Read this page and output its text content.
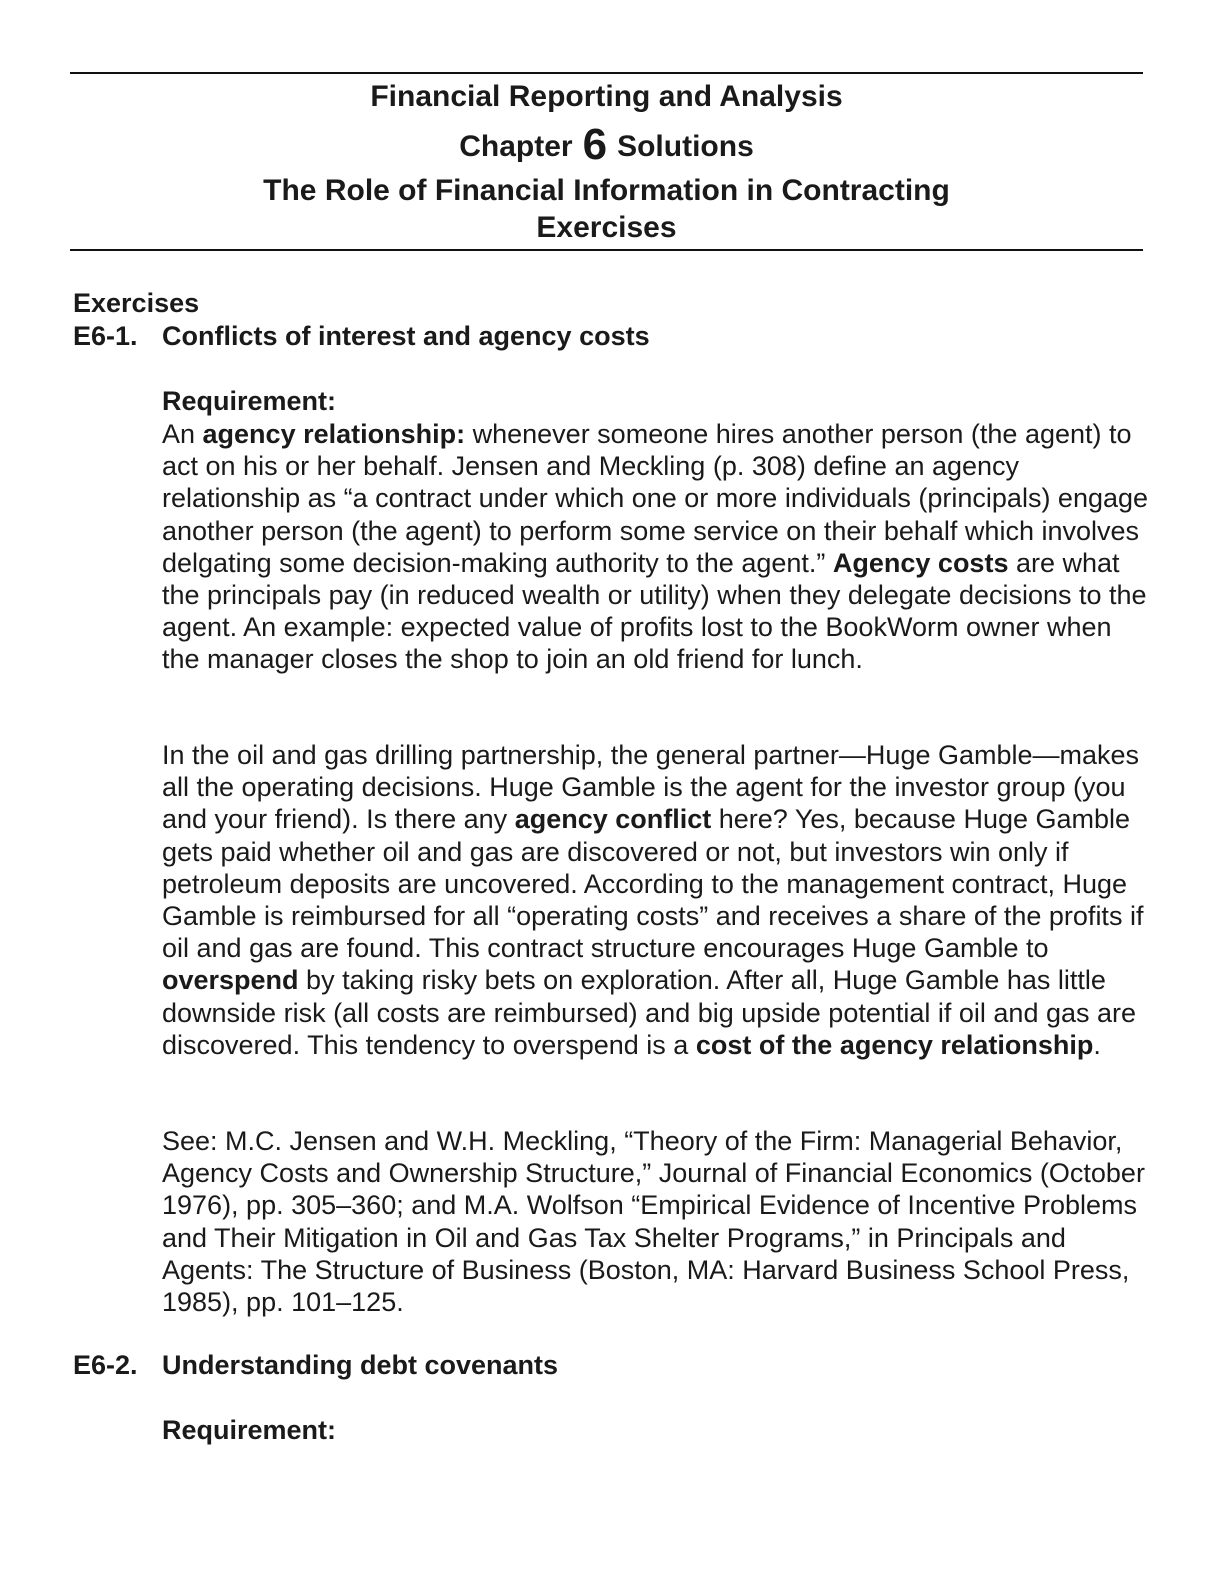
Financial Reporting and Analysis
Chapter 6 Solutions
The Role of Financial Information in Contracting
Exercises
Exercises
E6-1. Conflicts of interest and agency costs
Requirement:

An agency relationship: whenever someone hires another person (the agent) to act on his or her behalf. Jensen and Meckling (p. 308) define an agency relationship as “a contract under which one or more individuals (principals) engage another person (the agent) to perform some service on their behalf which involves delgating some decision-making authority to the agent.” Agency costs are what the principals pay (in reduced wealth or utility) when they delegate decisions to the agent. An example: expected value of profits lost to the BookWorm owner when the manager closes the shop to join an old friend for lunch.

In the oil and gas drilling partnership, the general partner—Huge Gamble—makes all the operating decisions. Huge Gamble is the agent for the investor group (you and your friend). Is there any agency conflict here? Yes, because Huge Gamble gets paid whether oil and gas are discovered or not, but investors win only if petroleum deposits are uncovered. According to the management contract, Huge Gamble is reimbursed for all “operating costs” and receives a share of the profits if oil and gas are found. This contract structure encourages Huge Gamble to overspend by taking risky bets on exploration. After all, Huge Gamble has little downside risk (all costs are reimbursed) and big upside potential if oil and gas are discovered. This tendency to overspend is a cost of the agency relationship.

See: M.C. Jensen and W.H. Meckling, “Theory of the Firm: Managerial Behavior, Agency Costs and Ownership Structure,” Journal of Financial Economics (October 1976), pp. 305–360; and M.A. Wolfson “Empirical Evidence of Incentive Problems and Their Mitigation in Oil and Gas Tax Shelter Programs,” in Principals and Agents: The Structure of Business (Boston, MA: Harvard Business School Press, 1985), pp. 101–125.

E6-2. Understanding debt covenants
Requirement:
